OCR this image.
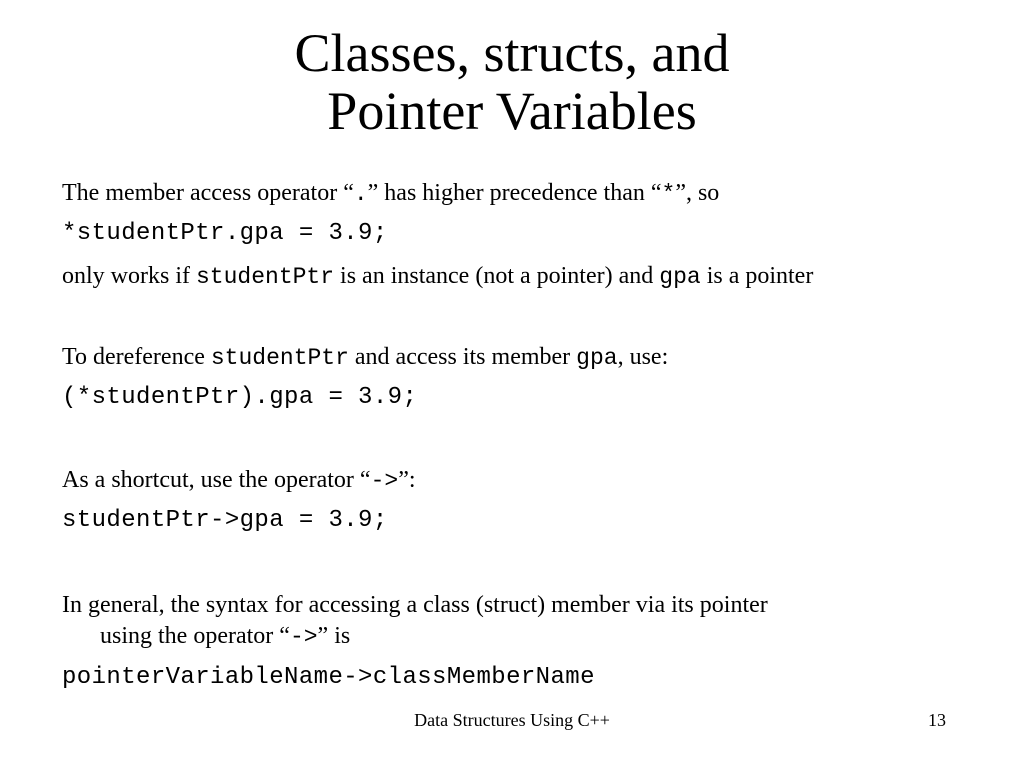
Classes, structs, and
Pointer Variables
The member access operator “.” has higher precedence than “*”, so
*studentPtr.gpa = 3.9;
only works if studentPtr is an instance (not a pointer) and gpa is a pointer
To dereference studentPtr and access its member gpa, use:
(*studentPtr).gpa = 3.9;
As a shortcut, use the operator “->”:
studentPtr->gpa = 3.9;
In general, the syntax for accessing a class (struct) member via its pointer
using the operator “->” is
pointerVariableName->classMemberName
Data Structures Using C++	13
